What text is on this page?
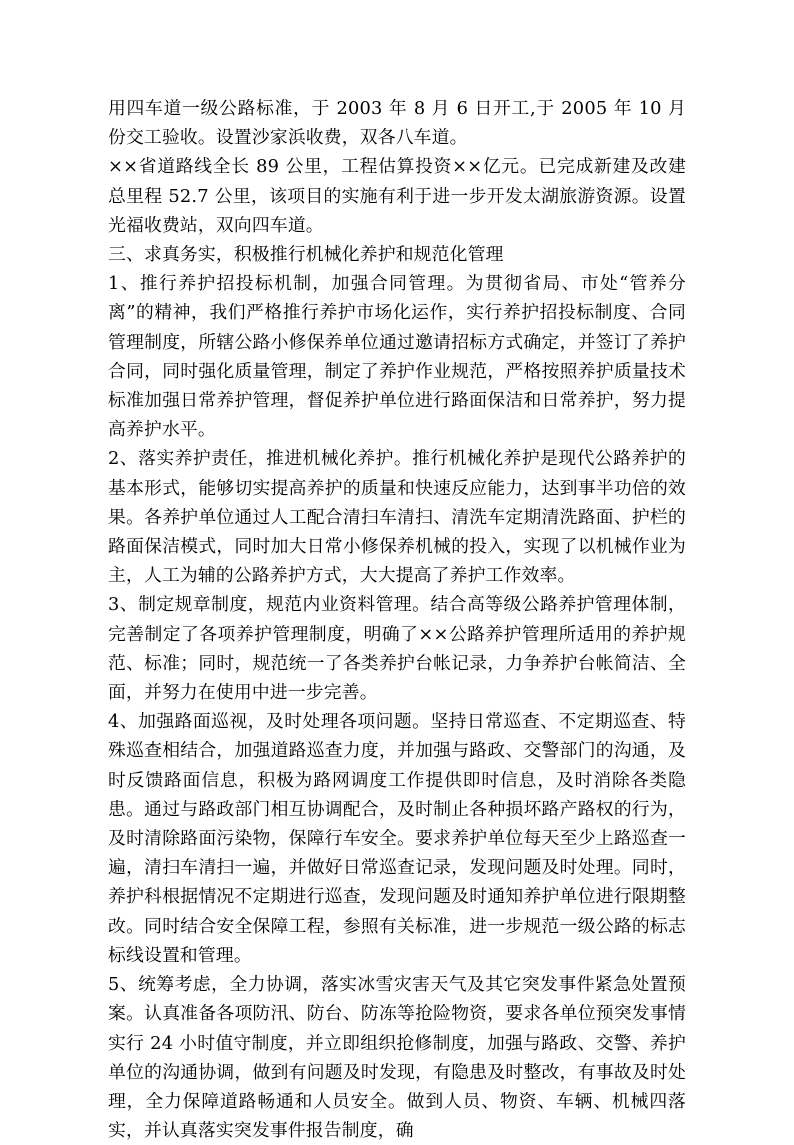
用四车道一级公路标准，于 2003 年 8 月 6 日开工,于 2005 年 10 月份交工验收。设置沙家浜收费，双各八车道。

××省道路线全长 89 公里，工程估算投资××亿元。已完成新建及改建总里程 52.7 公里，该项目的实施有利于进一步开发太湖旅游资源。设置光福收费站，双向四车道。

三、求真务实，积极推行机械化养护和规范化管理

1、推行养护招投标机制，加强合同管理。为贯彻省局、市处“管养分离”的精神，我们严格推行养护市场化运作，实行养护招投标制度、合同管理制度，所辖公路小修保养单位通过邀请招标方式确定，并签订了养护合同，同时强化质量管理，制定了养护作业规范，严格按照养护质量技术标准加强日常养护管理，督促养护单位进行路面保洁和日常养护，努力提高养护水平。

2、落实养护责任，推进机械化养护。推行机械化养护是现代公路养护的基本形式，能够切实提高养护的质量和快速反应能力，达到事半功倍的效果。各养护单位通过人工配合清扫车清扫、清洗车定期清洗路面、护栏的路面保洁模式，同时加大日常小修保养机械的投入，实现了以机械作业为主，人工为辅的公路养护方式，大大提高了养护工作效率。

3、制定规章制度，规范内业资料管理。结合高等级公路养护管理体制，完善制定了各项养护管理制度，明确了××公路养护管理所适用的养护规范、标准；同时，规范统一了各类养护台帐记录，力争养护台帐简洁、全面，并努力在使用中进一步完善。

4、加强路面巡视，及时处理各项问题。坚持日常巡查、不定期巡查、特殊巡查相结合，加强道路巡查力度，并加强与路政、交警部门的沟通，及时反馈路面信息，积极为路网调度工作提供即时信息，及时消除各类隐患。通过与路政部门相互协调配合，及时制止各种损坏路产路权的行为，及时清除路面污染物，保障行车安全。要求养护单位每天至少上路巡查一遍，清扫车清扫一遍，并做好日常巡查记录，发现问题及时处理。同时，养护科根据情况不定期进行巡查，发现问题及时通知养护单位进行限期整改。同时结合安全保障工程，参照有关标准，进一步规范一级公路的标志标线设置和管理。

5、统筹考虑，全力协调，落实冰雪灾害天气及其它突发事件紧急处置预案。认真准备各项防汛、防台、防冻等抢险物资，要求各单位预突发事情实行 24 小时值守制度，并立即组织抢修制度，加强与路政、交警、养护单位的沟通协调，做到有问题及时发现，有隐患及时整改，有事故及时处理，全力保障道路畅通和人员安全。做到人员、物资、车辆、机械四落实，并认真落实突发事件报告制度，确
